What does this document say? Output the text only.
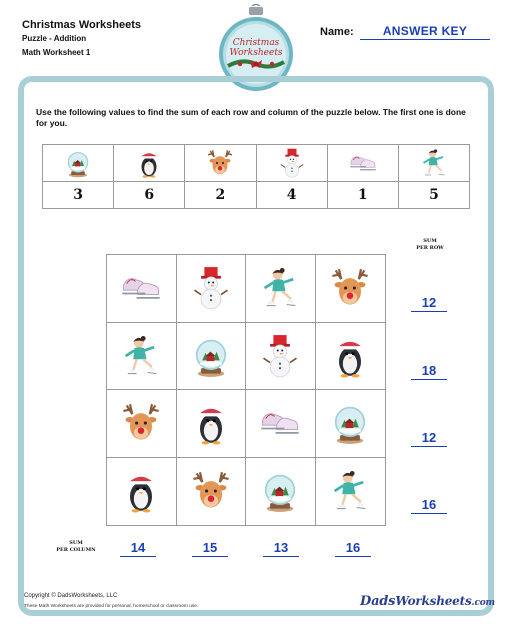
Christmas Worksheets
Puzzle - Addition
Math Worksheet 1
Christmas
Worksheets
Name:	ANSWER KEY
Use the following values to find the sum of each row and column of the puzzle below. The first one is done for you.
3	6	2	4	1	5
SUM
PER ROW
12
18
12
16
SUM
PER COLUMN	14	15	13	16
Copyright © DadsWorksheets, LLC
These Math Worksheets are provided for personal, homeschool or classroom use.	DadsWorksheets.com
